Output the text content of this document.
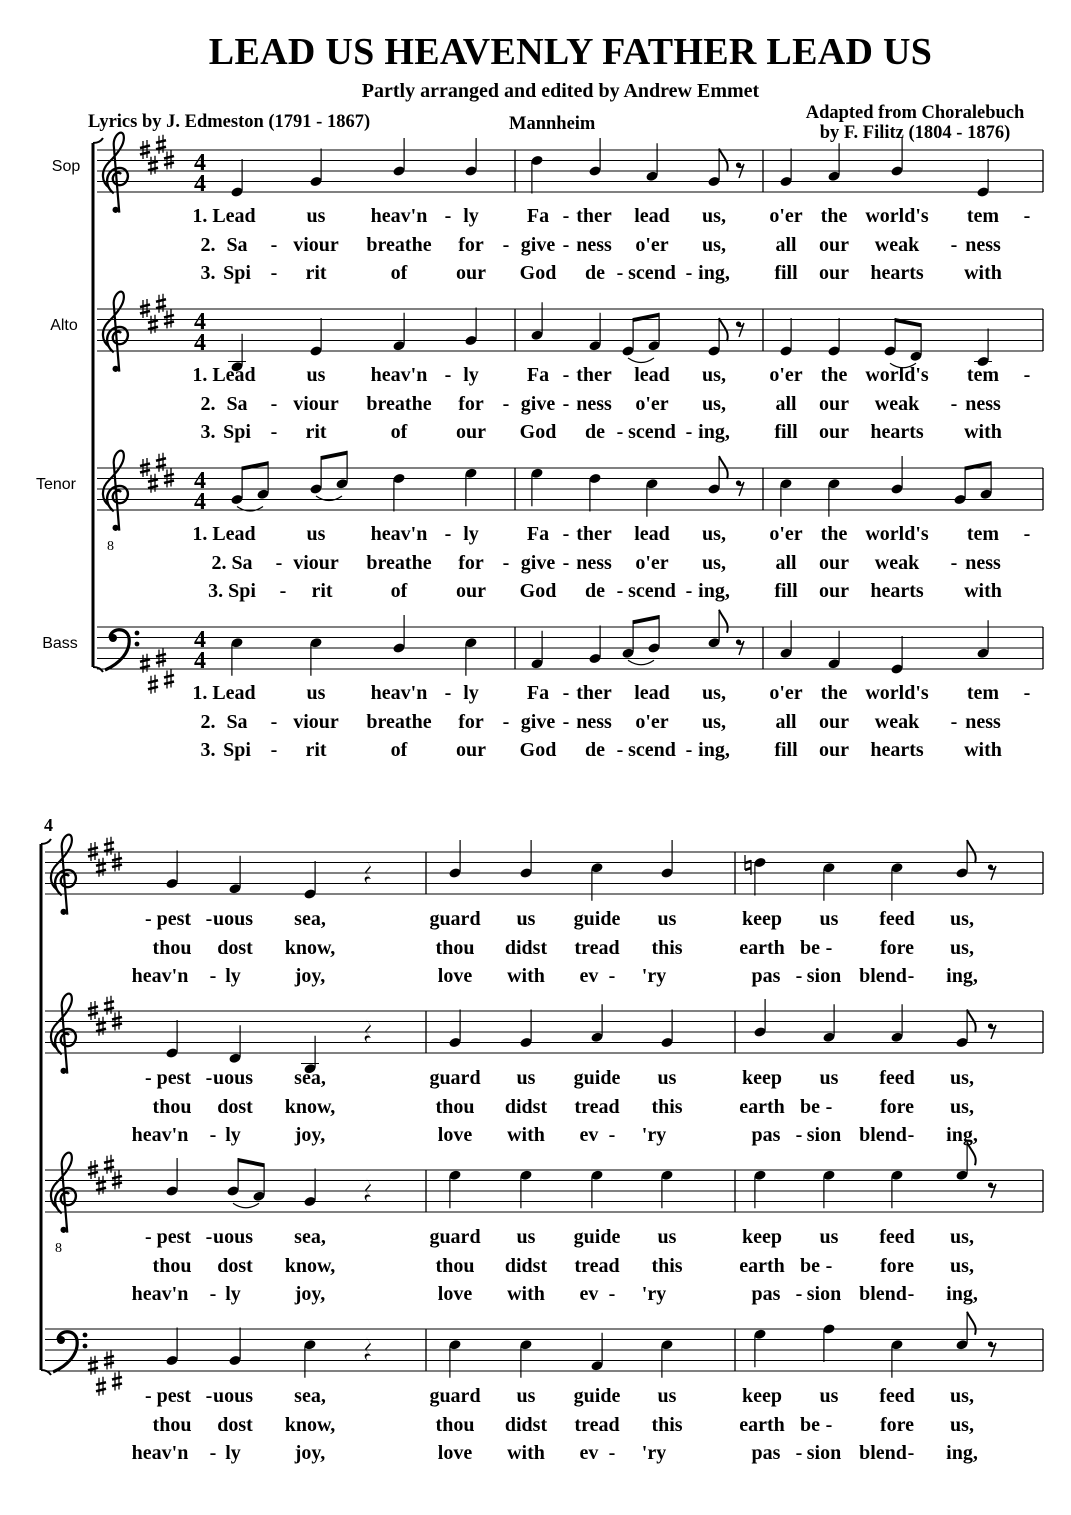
LEAD US HEAVENLY FATHER LEAD US
Partly arranged and edited by Andrew Emmet
Lyrics by J. Edmeston (1791 - 1867)	Mannheim
Adapted from Choralebuch
by F. Filitz (1804 - 1876)
Sop
Alto
Tenor
Bass
4
4
4
4
4
8
4
4
4
4
8
1. Lead	us heav'n - ly Fa - ther lead us, o'er the world's tem -
2. Sa - viour breathe for - give - ness o'er us, all our weak - ness
3. Spi - rit	of our God de - scend - ing, fill our hearts with
1. Lead	us heav'n - ly Fa - ther lead us, o'er the world's tem -
2. Sa - viour breathe for - give - ness o'er us, all our weak - ness
3. Spi - rit	of our God de - scend - ing, fill our hearts with
1. Lead	us heav'n - ly Fa - ther lead us, o'er the world's tem -
2. Sa - viour breathe for - give - ness o'er us, all our weak - ness
3. Spi - rit	of our God de - scend - ing, fill our hearts with
1. Lead	us heav'n - ly Fa - ther lead us, o'er the world's tem -
2. Sa - viour breathe for - give - ness o'er us, all our weak - ness
3. Spi - rit	of our God de - scend - ing, fill our hearts with
- pest - uous sea,	guard us guide us	keep us feed us,
thou dost know,	thou didst tread this	earth be - fore us,
heav'n - ly	joy,	love with ev - 'ry	pas - sion blend - ing,
- pest - uous sea,	guard us guide us	keep us feed us,
thou dost know,	thou didst tread this	earth be - fore us,
heav'n - ly	joy,	love with ev - 'ry	pas - sion blend - ing,
- pest - uous sea,	guard us guide us	keep us feed us,
thou dost know,	thou didst tread this	earth be - fore us,
heav'n - ly	joy,	love with ev - 'ry	pas - sion blend - ing,
- pest - uous sea,	guard us guide us	keep us feed us,
thou dost know,	thou didst tread this	earth be - fore us,
heav'n - ly	joy,	love with ev - 'ry	pas - sion blend - ing,
